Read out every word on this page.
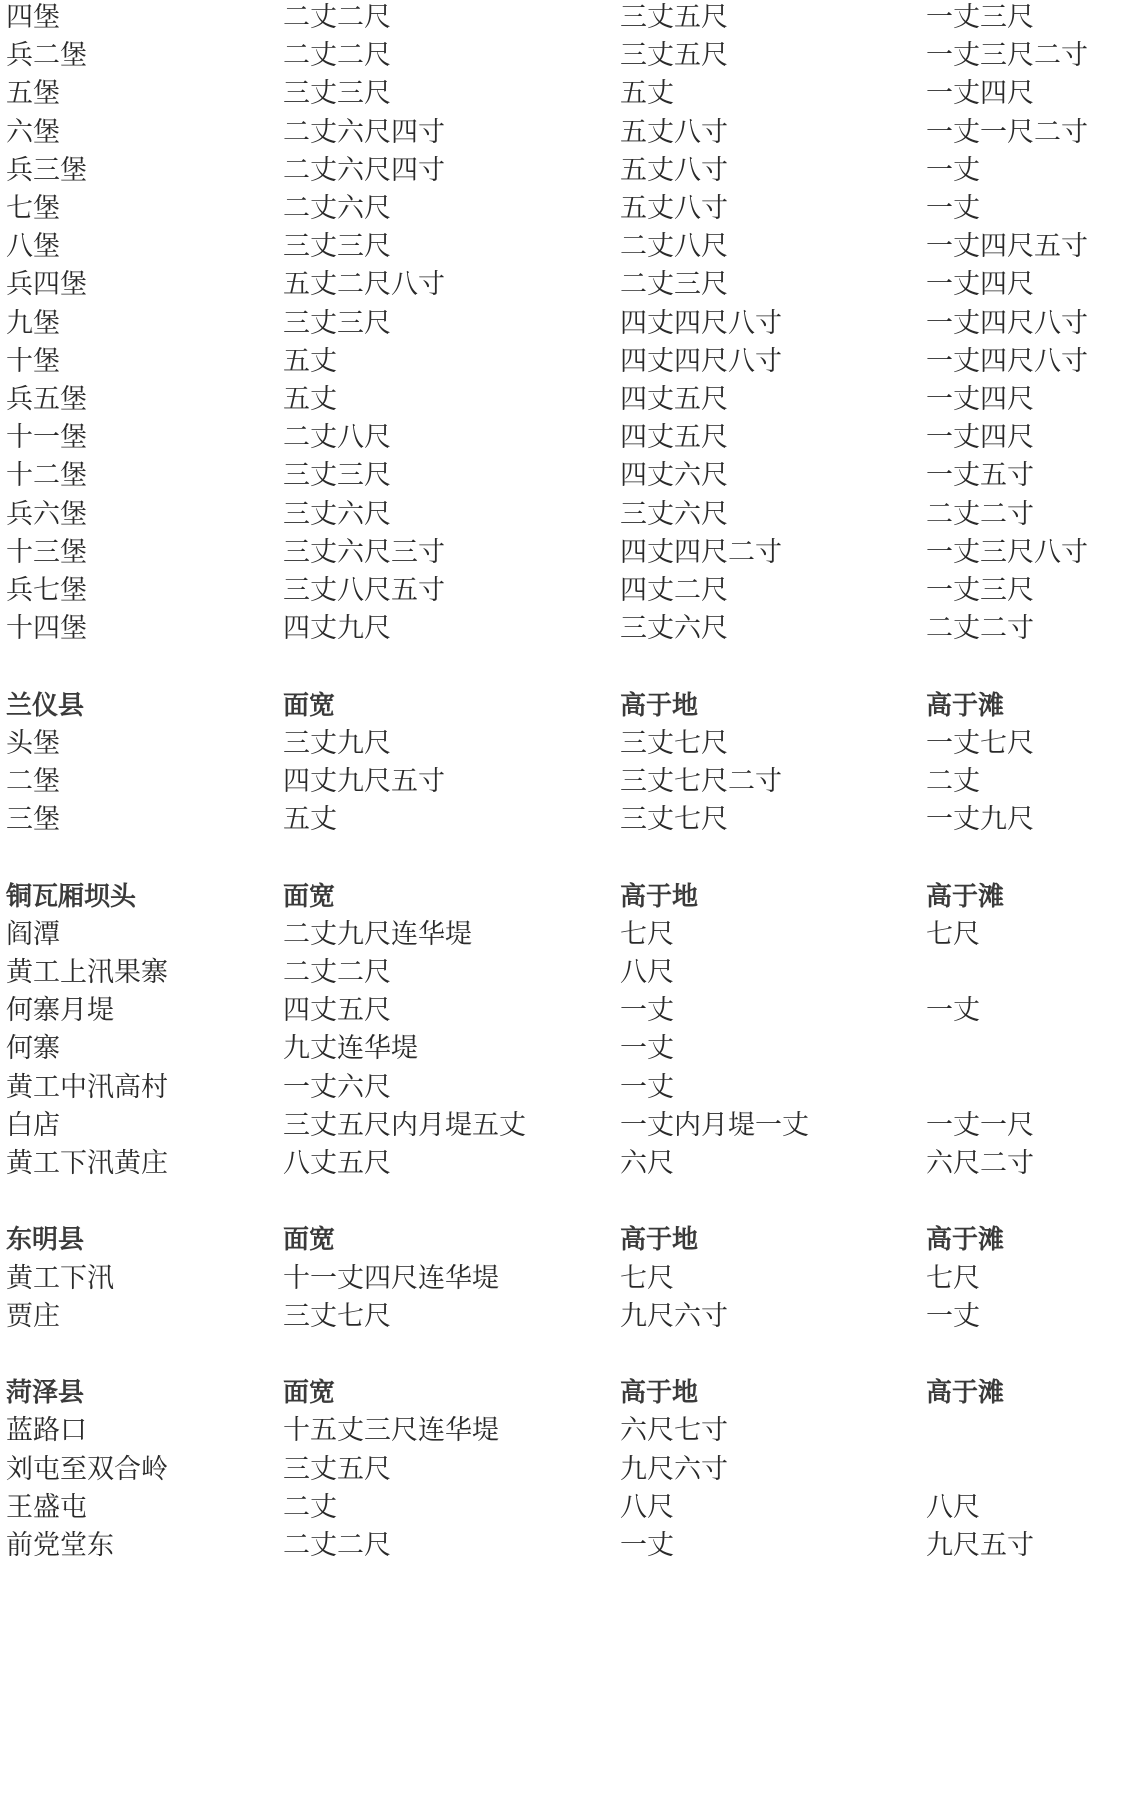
四堡	二丈二尺	三丈五尺	一丈三尺
兵二堡	二丈二尺	三丈五尺	一丈三尺二寸
五堡	三丈三尺	五丈	一丈四尺
六堡	二丈六尺四寸	五丈八寸	一丈一尺二寸
兵三堡	二丈六尺四寸	五丈八寸	一丈
七堡	二丈六尺	五丈八寸	一丈
八堡	三丈三尺	二丈八尺	一丈四尺五寸
兵四堡	五丈二尺八寸	二丈三尺	一丈四尺
九堡	三丈三尺	四丈四尺八寸	一丈四尺八寸
十堡	五丈	四丈四尺八寸	一丈四尺八寸
兵五堡	五丈	四丈五尺	一丈四尺
十一堡	二丈八尺	四丈五尺	一丈四尺
十二堡	三丈三尺	四丈六尺	一丈五寸
兵六堡	三丈六尺	三丈六尺	二丈二寸
十三堡	三丈六尺三寸	四丈四尺二寸	一丈三尺八寸
兵七堡	三丈八尺五寸	四丈二尺	一丈三尺
十四堡	四丈九尺	三丈六尺	二丈二寸
兰仪县	面宽	高于地	高于滩
头堡	三丈九尺	三丈七尺	一丈七尺
二堡	四丈九尺五寸	三丈七尺二寸	二丈
三堡	五丈	三丈七尺	一丈九尺
铜瓦厢坝头	面宽	高于地	高于滩
阎潭	二丈九尺连华堤	七尺	七尺
黄工上汛果寨	二丈二尺	八尺
何寨月堤	四丈五尺	一丈	一丈
何寨	九丈连华堤	一丈
黄工中汛高村	一丈六尺	一丈
白店	三丈五尺内月堤五丈	一丈内月堤一丈	一丈一尺
黄工下汛黄庄	八丈五尺	六尺	六尺二寸
东明县	面宽	高于地	高于滩
黄工下汛	十一丈四尺连华堤	七尺	七尺
贾庄	三丈七尺	九尺六寸	一丈
菏泽县	面宽	高于地	高于滩
蓝路口	十五丈三尺连华堤	六尺七寸
刘屯至双合岭	三丈五尺	九尺六寸
王盛屯	二丈	八尺	八尺
前党堂东	二丈二尺	一丈	九尺五寸
